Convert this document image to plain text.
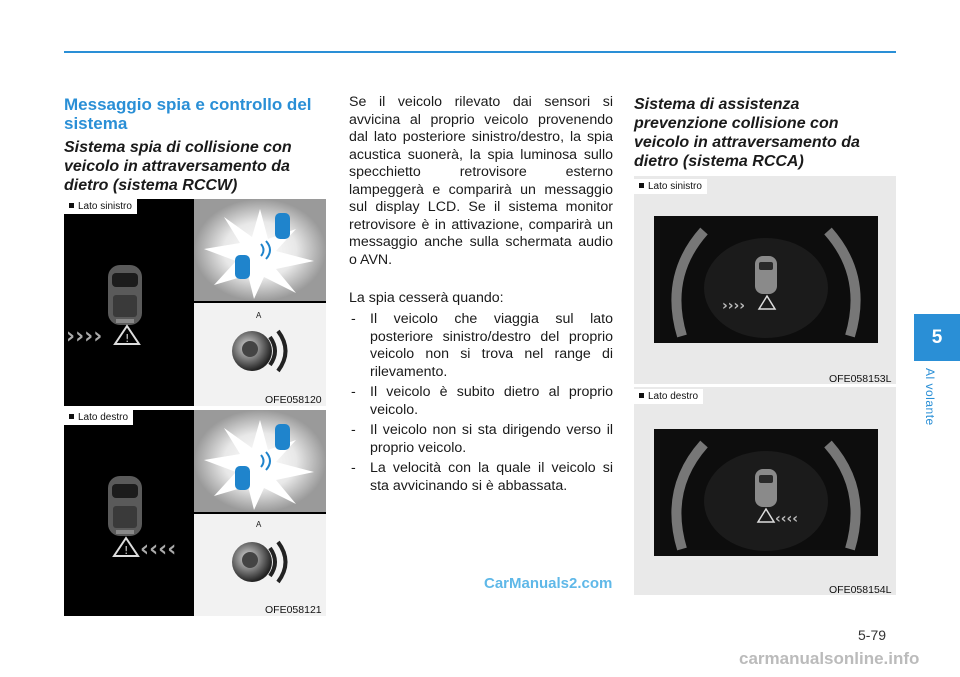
Messaggio spia e controllo del sistema
Sistema spia di collisione con veicolo in attraversamento da dietro (sistema RCCW)
›››› !
Lato sinistro
A
OFE058120
! ‹‹‹‹
Lato destro
A
OFE058121
Se il veicolo rilevato dai sensori si avvicina al proprio veicolo provenendo dal lato posteriore sinistro/destro, la spia acustica suonerà, la spia luminosa sullo specchietto retrovisore esterno lampeggerà e comparirà un messaggio sul display LCD. Se il sistema monitor retrovisore è in attivazione, comparirà un messaggio anche sulla schermata audio o AVN.
La spia cesserà quando:
- Il veicolo che viaggia sul lato posteriore sinistro/destro del proprio veicolo non si trova nel range di rilevamento.
- Il veicolo è subito dietro al proprio veicolo.
- Il veicolo non si sta dirigendo verso il proprio veicolo.
- La velocità con la quale il veicolo si sta avvicinando si è abbassata.
Sistema di assistenza prevenzione collisione con veicolo in attraversamento da dietro (sistema RCCA)
››››
Lato sinistro
OFE058153L
‹‹‹‹
Lato destro
OFE058154L
5
Al volante
5-79
CarManuals2.com
carmanualsonline.info
